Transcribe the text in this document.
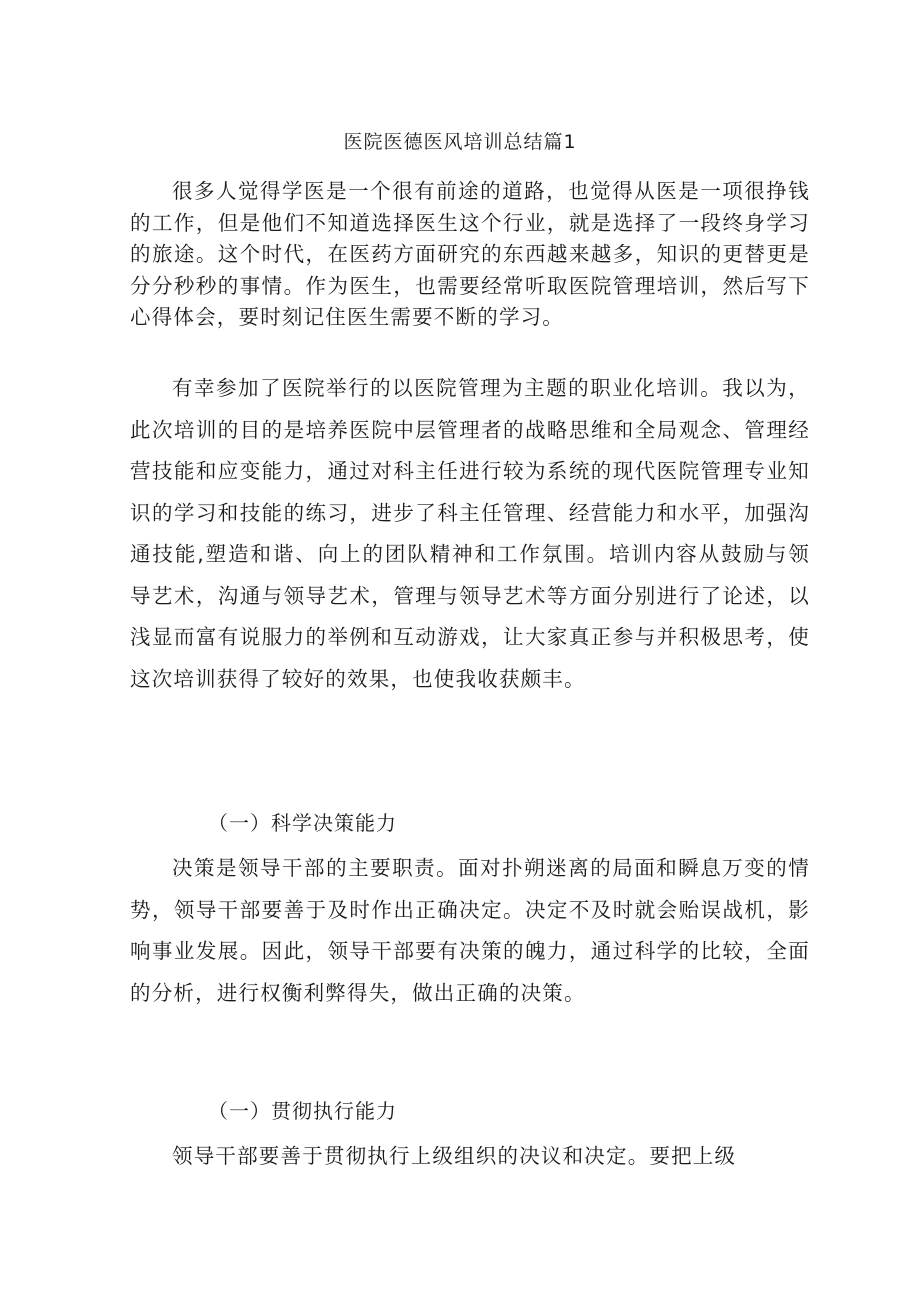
医院医德医风培训总结篇1

很多人觉得学医是一个很有前途的道路，也觉得从医是一项很挣钱的工作，但是他们不知道选择医生这个行业，就是选择了一段终身学习的旅途。这个时代，在医药方面研究的东西越来越多，知识的更替更是分分秒秒的事情。作为医生，也需要经常听取医院管理培训，然后写下心得体会，要时刻记住医生需要不断的学习。

有幸参加了医院举行的以医院管理为主题的职业化培训。我以为，此次培训的目的是培养医院中层管理者的战略思维和全局观念、管理经营技能和应变能力，通过对科主任进行较为系统的现代医院管理专业知识的学习和技能的练习，进步了科主任管理、经营能力和水平，加强沟通技能,塑造和谐、向上的团队精神和工作氛围。培训内容从鼓励与领导艺术，沟通与领导艺术，管理与领导艺术等方面分别进行了论述，以浅显而富有说服力的举例和互动游戏，让大家真正参与并积极思考，使这次培训获得了较好的效果，也使我收获颇丰。

（一）科学决策能力

决策是领导干部的主要职责。面对扑朔迷离的局面和瞬息万变的情势，领导干部要善于及时作出正确决定。决定不及时就会贻误战机，影响事业发展。因此，领导干部要有决策的魄力，通过科学的比较，全面的分析，进行权衡利弊得失，做出正确的决策。

（一）贯彻执行能力

领导干部要善于贯彻执行上级组织的决议和决定。要把上级
